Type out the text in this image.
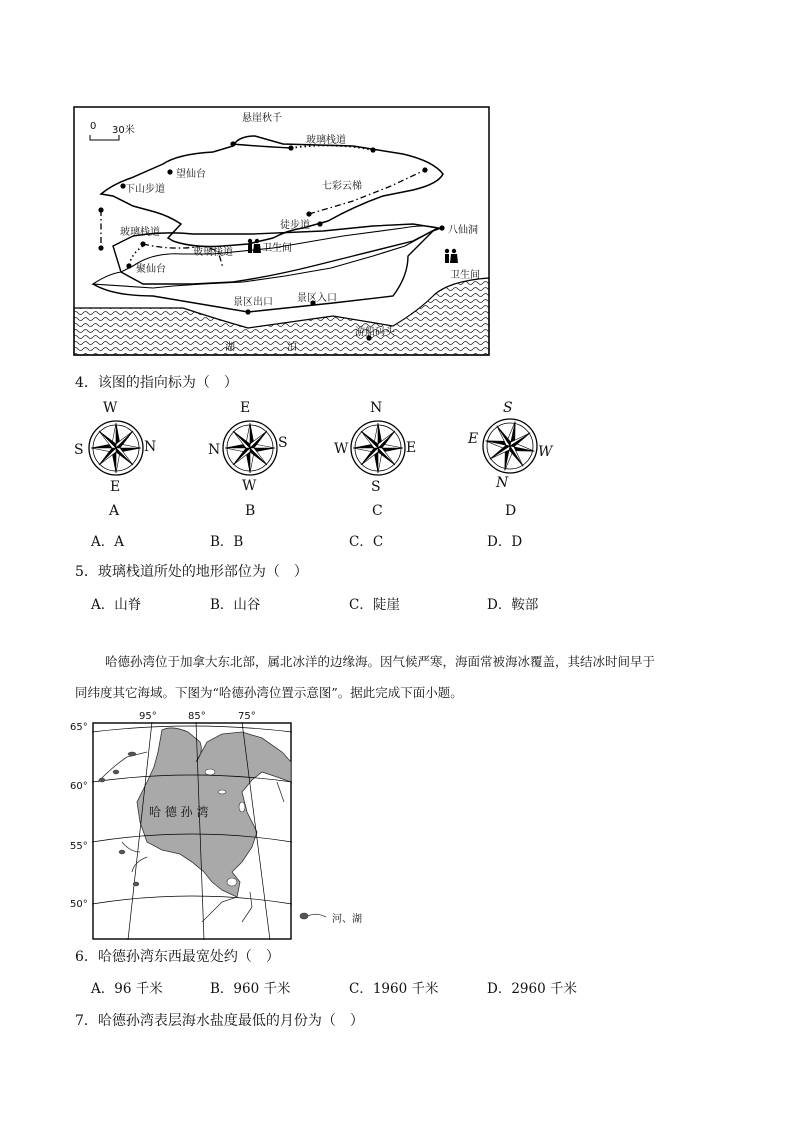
0 30米
悬崖秋千
玻璃栈道
望仙台
七彩云梯
下山步道
徒步道	八仙洞
玻璃栈道
玻璃栈道	卫生间
聚仙台
卫生间
景区出口 景区入口
游船码头
湖	泊
4．该图的指向标为（　）
W
N
E
S
A
E
S
W
N
B
N
E
S
W
C
S
W
N
E
D
A．A	B．B	C．C	D．D
5．玻璃栈道所处的地形部位为（　）
A．山脊	B．山谷	C．陡崖	D．鞍部
哈德孙湾位于加拿大东北部，属北冰洋的边缘海。因气候严寒，海面常被海冰覆盖，其结冰时间早于
同纬度其它海域。下图为“哈德孙湾位置示意图”。据此完成下面小题。
95°	85°	75°
65°
60°
55°
50°
哈 德 孙 湾
河、湖
6．哈德孙湾东西最宽处约（　）
A．96 千米	B．960 千米	C．1960 千米	D．2960 千米
7．哈德孙湾表层海水盐度最低的月份为（　）
